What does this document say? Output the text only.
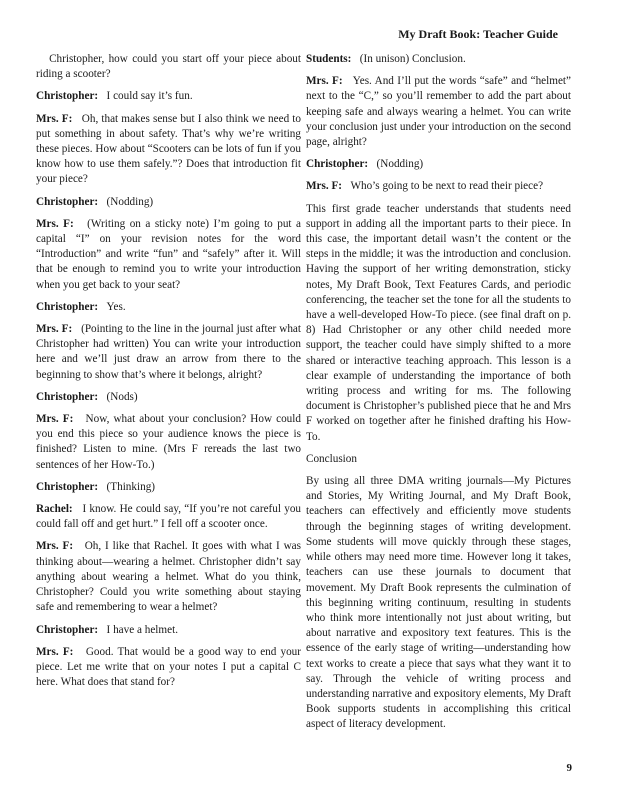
My Draft Book: Teacher Guide

Christopher, how could you start off your piece about riding a scooter?

Christopher: I could say it’s fun.

Mrs. F: Oh, that makes sense but I also think we need to put something in about safety. That’s why we’re writing these pieces. How about “Scooters can be lots of fun if you know how to use them safely.”? Does that introduction fit your piece?

Christopher: (Nodding)

Mrs. F: (Writing on a sticky note) I’m going to put a capital “I” on your revision notes for the word “Introduction” and write “fun” and “safely” after it. Will that be enough to remind you to write your introduction when you get back to your seat?

Christopher: Yes.

Mrs. F: (Pointing to the line in the journal just after what Christopher had written) You can write your introduction here and we’ll just draw an arrow from there to the beginning to show that’s where it belongs, alright?

Christopher: (Nods)

Mrs. F: Now, what about your conclusion? How could you end this piece so your audience knows the piece is finished? Listen to mine. (Mrs F rereads the last two sentences of her How-To.)

Christopher: (Thinking)

Rachel: I know. He could say, “If you’re not careful you could fall off and get hurt.” I fell off a scooter once.

Mrs. F: Oh, I like that Rachel. It goes with what I was thinking about—wearing a helmet. Christopher didn’t say anything about wearing a helmet. What do you think, Christopher? Could you write something about staying safe and remembering to wear a helmet?

Christopher: I have a helmet.

Mrs. F: Good. That would be a good way to end your piece. Let me write that on your notes I put a capital C here. What does that stand for?

Students: (In unison) Conclusion.

Mrs. F: Yes. And I’ll put the words “safe” and “helmet” next to the “C,” so you’ll remember to add the part about keeping safe and always wearing a helmet. You can write your conclusion just under your introduction on the second page, alright?

Christopher: (Nodding)

Mrs. F: Who’s going to be next to read their piece?

This first grade teacher understands that students need support in adding all the important parts to their piece. In this case, the important detail wasn’t the content or the steps in the middle; it was the introduction and conclusion. Having the support of her writing demonstration, sticky notes, My Draft Book, Text Features Cards, and periodic conferencing, the teacher set the tone for all the students to have a well-developed How-To piece. (see final draft on p. 8) Had Christopher or any other child needed more support, the teacher could have simply shifted to a more shared or interactive teaching approach. This lesson is a clear example of understanding the importance of both writing process and writing for ms. The following document is Christopher’s published piece that he and Mrs F worked on together after he finished drafting his How-To.

Conclusion

By using all three DMA writing journals—My Pictures and Stories, My Writing Journal, and My Draft Book, teachers can effectively and efficiently move students through the beginning stages of writing development. Some students will move quickly through these stages, while others may need more time. However long it takes, teachers can use these journals to document that movement. My Draft Book represents the culmination of this beginning writing continuum, resulting in students who think more intentionally not just about writing, but about narrative and expository text features. This is the essence of the early stage of writing—understanding how text works to create a piece that says what they want it to say. Through the vehicle of writing process and understanding narrative and expository elements, My Draft Book supports students in accomplishing this critical aspect of literacy development.

9
